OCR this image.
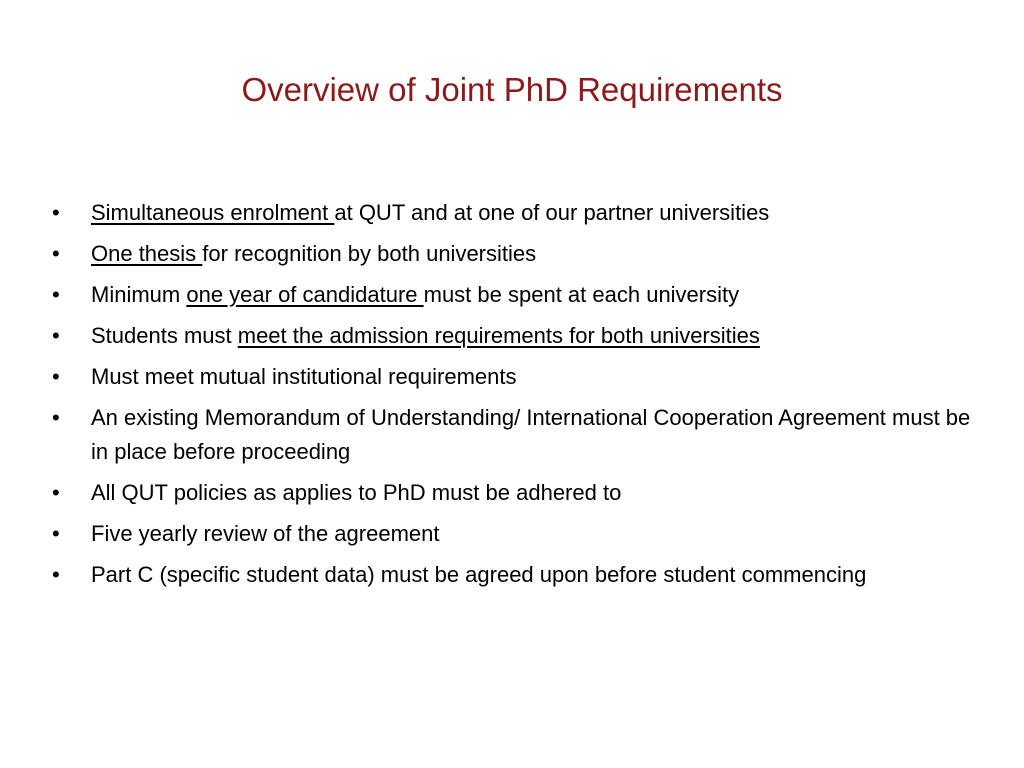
Overview of Joint PhD Requirements
•	Simultaneous enrolment at QUT and at one of our partner universities
•	One thesis for recognition by both universities
•	Minimum one year of candidature must be spent at each university
•	Students must meet the admission requirements for both universities
•	Must meet mutual institutional requirements
•	An existing Memorandum of Understanding/ International Cooperation Agreement must be in place before proceeding
•	All QUT policies as applies to PhD must be adhered to
•	Five yearly review of the agreement
•	Part C (specific student data) must be agreed upon before student commencing
